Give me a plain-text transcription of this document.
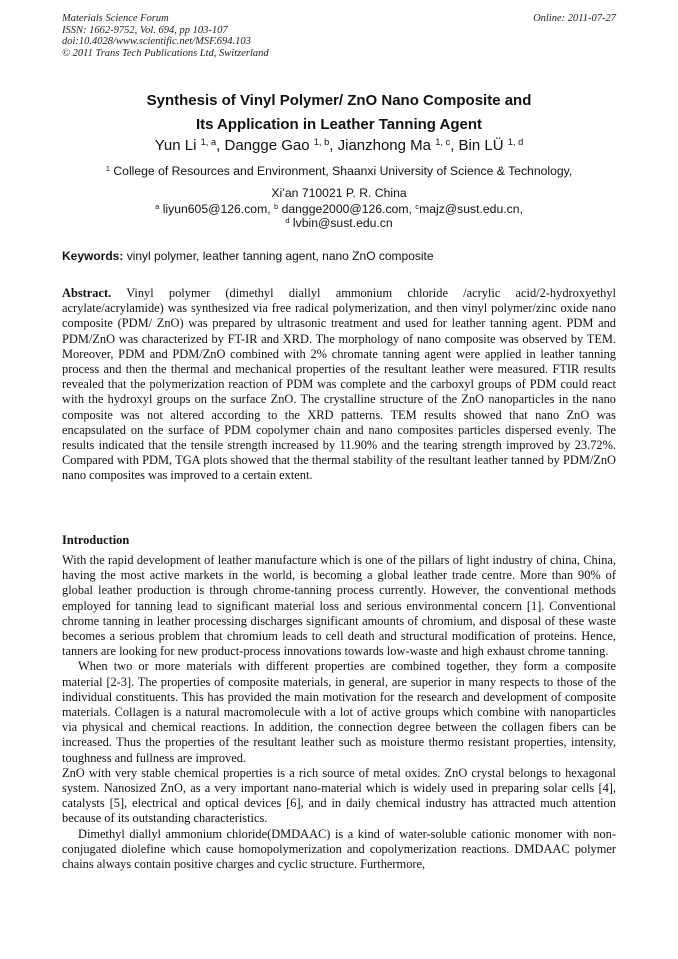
Materials Science Forum
ISSN: 1662-9752, Vol. 694, pp 103-107
doi:10.4028/www.scientific.net/MSF.694.103
© 2011 Trans Tech Publications Ltd, Switzerland
Online: 2011-07-27
Synthesis of Vinyl Polymer/ ZnO Nano Composite and
Its Application in Leather Tanning Agent
Yun Li $^{1, a}$, Dangge Gao $^{1, b}$, Jianzhong Ma $^{1, c}$, Bin LÜ $^{1, d}$
$^1$ College of Resources and Environment, Shaanxi University of Science & Technology,
Xi’an 710021 P. R. China
$^a$ liyun605@126.com, $^b$ dangge2000@126.com, $^c$majz@sust.edu.cn,
$^d$ lvbin@sust.edu.cn
Keywords: vinyl polymer, leather tanning agent, nano ZnO composite

Abstract. Vinyl polymer (dimethyl diallyl ammonium chloride /acrylic acid/2-hydroxyethyl acrylate/acrylamide) was synthesized via free radical polymerization, and then vinyl polymer/zinc oxide nano composite (PDM/ ZnO) was prepared by ultrasonic treatment and used for leather tanning agent. PDM and PDM/ZnO was characterized by FT-IR and XRD. The morphology of nano composite was observed by TEM. Moreover, PDM and PDM/ZnO combined with 2% chromate tanning agent were applied in leather tanning process and then the thermal and mechanical properties of the resultant leather were measured. FTIR results revealed that the polymerization reaction of PDM was complete and the carboxyl groups of PDM could react with the hydroxyl groups on the surface ZnO. The crystalline structure of the ZnO nanoparticles in the nano composite was not altered according to the XRD patterns. TEM results showed that nano ZnO was encapsulated on the surface of PDM copolymer chain and nano composites particles dispersed evenly. The results indicated that the tensile strength increased by 11.90% and the tearing strength improved by 23.72%. Compared with PDM, TGA plots showed that the thermal stability of the resultant leather tanned by PDM/ZnO nano composites was improved to a certain extent.

Introduction

With the rapid development of leather manufacture which is one of the pillars of light industry of china, China, having the most active markets in the world, is becoming a global leather trade centre. More than 90% of global leather production is through chrome-tanning process currently. However, the conventional methods employed for tanning lead to significant material loss and serious environmental concern [1]. Conventional chrome tanning in leather processing discharges significant amounts of chromium, and disposal of these waste becomes a serious problem that chromium leads to cell death and structural modification of proteins. Hence, tanners are looking for new product-process innovations towards low-waste and high exhaust chrome tanning.

When two or more materials with different properties are combined together, they form a composite material [2-3]. The properties of composite materials, in general, are superior in many respects to those of the individual constituents. This has provided the main motivation for the research and development of composite materials. Collagen is a natural macromolecule with a lot of active groups which combine with nanoparticles via physical and chemical reactions. In addition, the connection degree between the collagen fibers can be increased. Thus the properties of the resultant leather such as moisture thermo resistant properties, intensity, toughness and fullness are improved.

ZnO with very stable chemical properties is a rich source of metal oxides. ZnO crystal belongs to hexagonal system. Nanosized ZnO, as a very important nano-material which is widely used in preparing solar cells [4], catalysts [5], electrical and optical devices [6], and in daily chemical industry has attracted much attention because of its outstanding characteristics.

Dimethyl diallyl ammonium chloride(DMDAAC) is a kind of water-soluble cationic monomer with non-conjugated diolefine which cause homopolymerization and copolymerization reactions. DMDAAC polymer chains always contain positive charges and cyclic structure. Furthermore,
